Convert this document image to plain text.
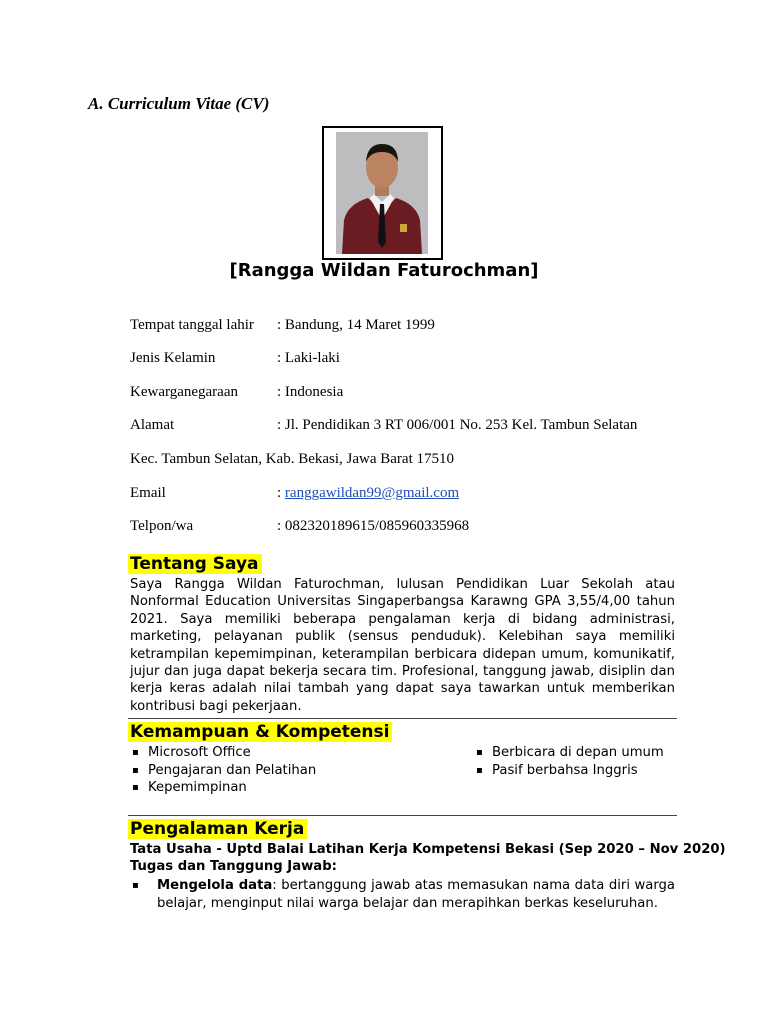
A. Curriculum Vitae (CV)
[Rangga Wildan Faturochman]
Tempat tanggal lahir : Bandung, 14 Maret 1999
Jenis Kelamin	: Laki-laki
Kewarganegaraan	: Indonesia
Alamat	: Jl. Pendidikan 3 RT 006/001 No. 253 Kel. Tambun Selatan
Kec. Tambun Selatan, Kab. Bekasi, Jawa Barat 17510
Email	: ranggawildan99@gmail.com
Telpon/wa	: 082320189615/085960335968
Tentang Saya
Saya Rangga Wildan Faturochman, lulusan Pendidikan Luar Sekolah atau Nonformal Education Universitas Singaperbangsa Karawng GPA 3,55/4,00 tahun 2021. Saya memiliki beberapa pengalaman kerja di bidang administrasi, marketing, pelayanan publik (sensus penduduk). Kelebihan saya memiliki ketrampilan kepemimpinan, keterampilan berbicara didepan umum, komunikatif, jujur dan juga dapat bekerja secara tim. Profesional, tanggung jawab, disiplin dan kerja keras adalah nilai tambah yang dapat saya tawarkan untuk memberikan kontribusi bagi pekerjaan.
Kemampuan & Kompetensi
▪ Microsoft Office
▪ Pengajaran dan Pelatihan
▪ Kepemimpinan
▪ Berbicara di depan umum
▪ Pasif berbahsa Inggris
Pengalaman Kerja
Tata Usaha - Uptd Balai Latihan Kerja Kompetensi Bekasi (Sep 2020 – Nov 2020)
Tugas dan Tanggung Jawab:
▪ Mengelola data: bertanggung jawab atas memasukan nama data diri warga belajar, menginput nilai warga belajar dan merapihkan berkas keseluruhan.
